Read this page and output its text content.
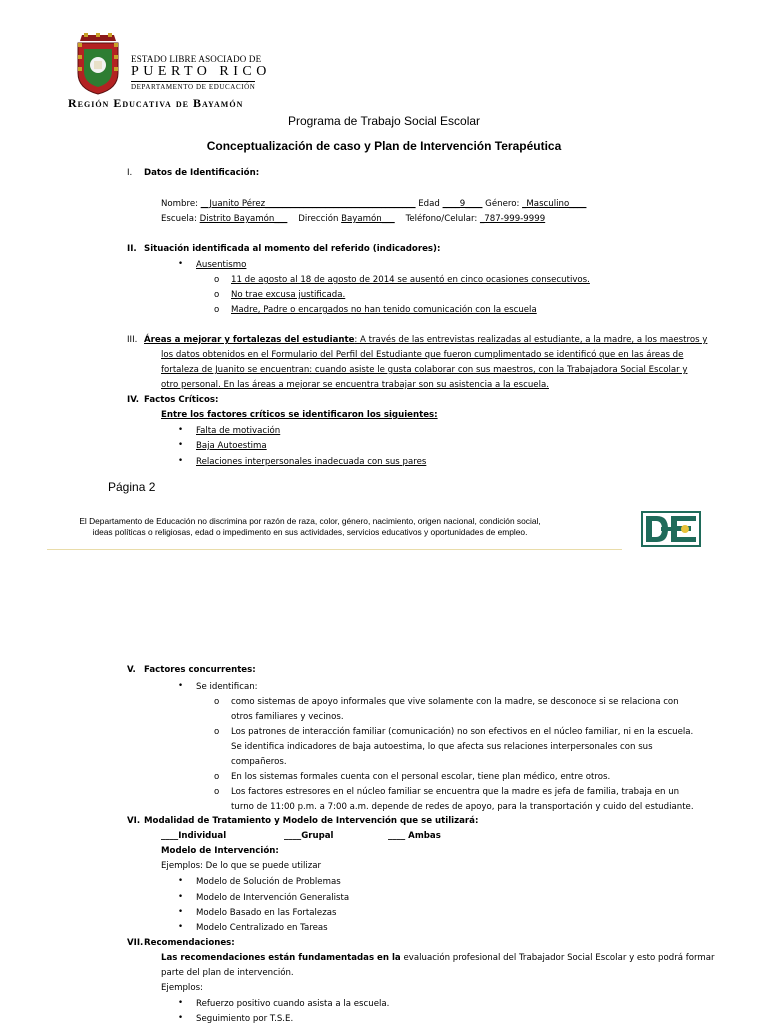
ESTADO LIBRE ASOCIADO DE
PUERTO RICO
DEPARTAMENTO DE EDUCACIÓN
Región Educativa de Bayamón
Programa de Trabajo Social Escolar
Conceptualización de caso y Plan de Intervención Terapéutica
I. Datos de Identificación:
Nombre: __Juanito Pérez___________________________________ Edad ____9____ Género: _Masculino____
Escuela: Distrito Bayamón___ Dirección Bayamón___ Teléfono/Celular: _787-999-9999
II. Situación identificada al momento del referido (indicadores):
• Ausentismo
o 11 de agosto al 18 de agosto de 2014 se ausentó en cinco ocasiones consecutivos.
o No trae excusa justificada.
o Madre, Padre o encargados no han tenido comunicación con la escuela
III. Áreas a mejorar y fortalezas del estudiante: A través de las entrevistas realizadas al estudiante, a la madre, a los maestros y
los datos obtenidos en el Formulario del Perfil del Estudiante que fueron cumplimentado se identificó que en las áreas de
fortaleza de Juanito se encuentran: cuando asiste le gusta colaborar con sus maestros, con la Trabajadora Social Escolar y
otro personal. En las áreas a mejorar se encuentra trabajar son su asistencia a la escuela.
IV. Factos Críticos:
Entre los factores críticos se identificaron los siguientes:
• Falta de motivación
• Baja Autoestima
• Relaciones interpersonales inadecuada con sus pares
Página 2
El Departamento de Educación no discrimina por razón de raza, color, género, nacimiento, origen nacional, condición social,
ideas políticas o religiosas, edad o impedimento en sus actividades, servicios educativos y oportunidades de empleo.
V. Factores concurrentes:
• Se identifican:
o como sistemas de apoyo informales que vive solamente con la madre, se desconoce si se relaciona con
otros familiares y vecinos.
o Los patrones de interacción familiar (comunicación) no son efectivos en el núcleo familiar, ni en la escuela.
Se identifica indicadores de baja autoestima, lo que afecta sus relaciones interpersonales con sus
compañeros.
o En los sistemas formales cuenta con el personal escolar, tiene plan médico, entre otros.
o Los factores estresores en el núcleo familiar se encuentra que la madre es jefa de familia, trabaja en un
turno de 11:00 p.m. a 7:00 a.m. depende de redes de apoyo, para la transportación y cuido del estudiante.
VI. Modalidad de Tratamiento y Modelo de Intervención que se utilizará:
____Individual	____Grupal	____ Ambas
Modelo de Intervención:
Ejemplos: De lo que se puede utilizar
• Modelo de Solución de Problemas
• Modelo de Intervención Generalista
• Modelo Basado en las Fortalezas
• Modelo Centralizado en Tareas
VII. Recomendaciones:
Las recomendaciones están fundamentadas en la evaluación profesional del Trabajador Social Escolar y esto podrá formar
parte del plan de intervención.
Ejemplos:
• Refuerzo positivo cuando asista a la escuela.
• Seguimiento por T.S.E.
